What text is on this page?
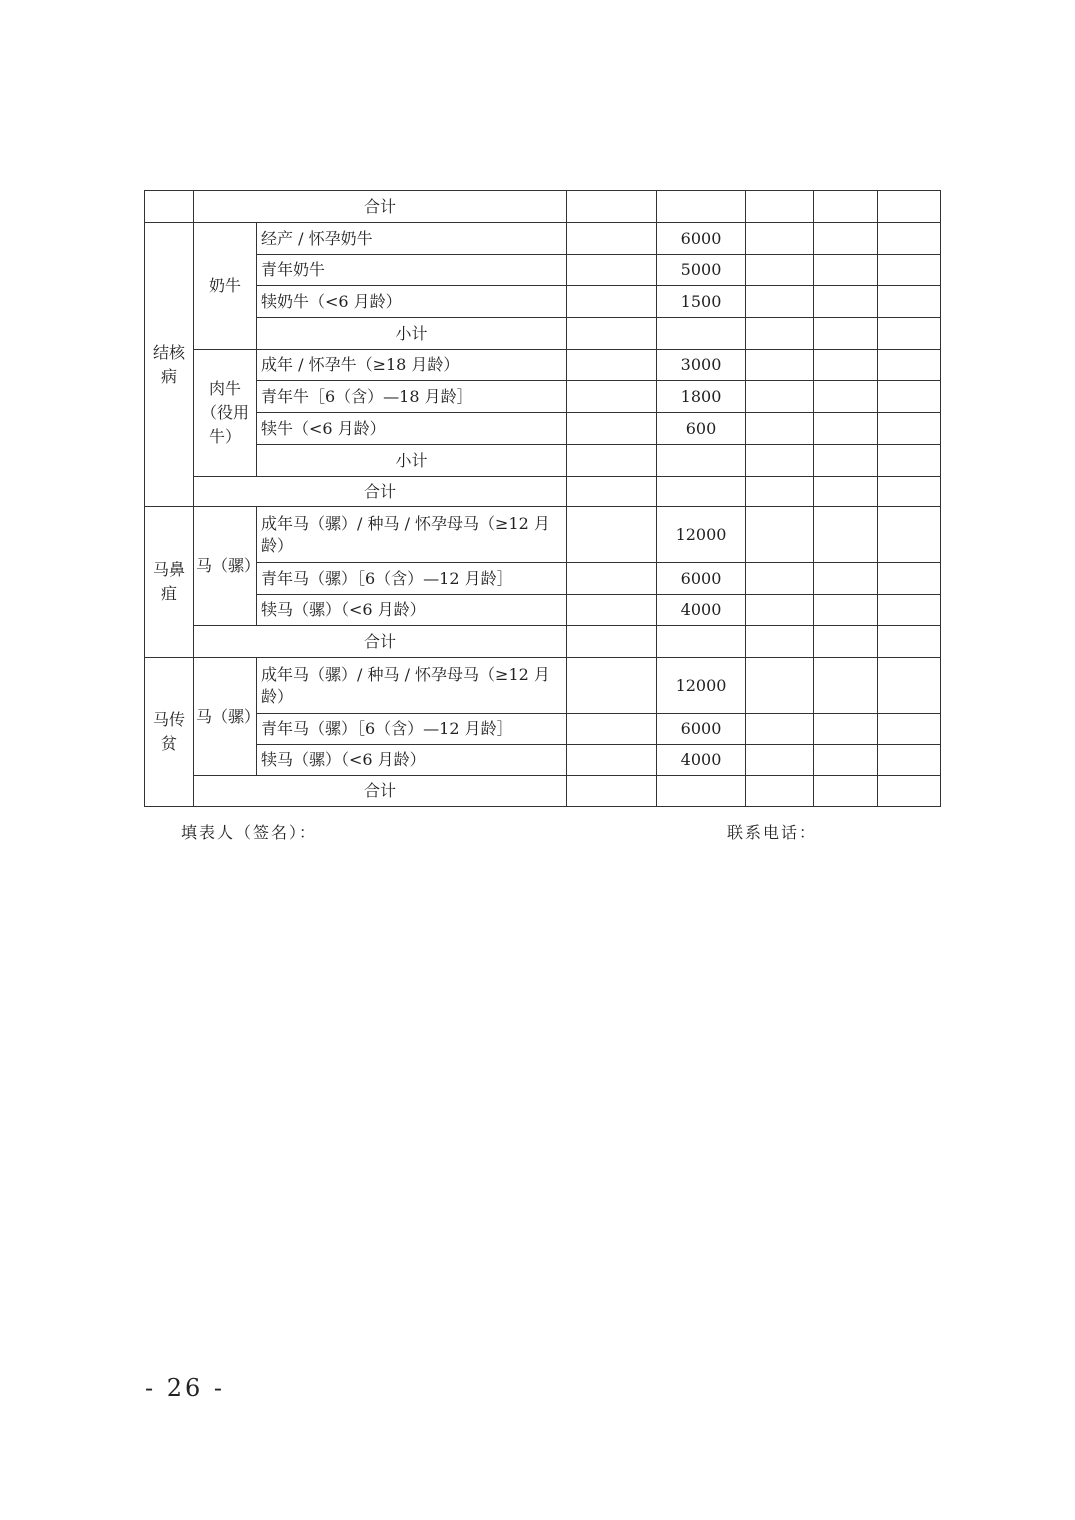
	合计						
结核病	奶牛	经产 / 怀孕奶牛		6000			
		青年奶牛		5000			
		犊奶牛（<6 月龄）		1500			
		小计					
	肉牛（役用牛）	成年 / 怀孕牛（≥18 月龄）		3000			
		青年牛［6（含）—18 月龄］		1800			
		犊牛（<6 月龄）		600			
		小计					
	合计						
马鼻疽	马（骡）	成年马（骡）/ 种马 / 怀孕母马（≥12 月龄）		12000			
		青年马（骡）［6（含）—12 月龄］		6000			
		犊马（骡）（<6 月龄）		4000			
	合计						
马传贫	马（骡）	成年马（骡）/ 种马 / 怀孕母马（≥12 月龄）		12000			
		青年马（骡）［6（含）—12 月龄］		6000			
		犊马（骡）（<6 月龄）		4000			
	合计						
填表人（签名）：	联系电话：
- 26 -
